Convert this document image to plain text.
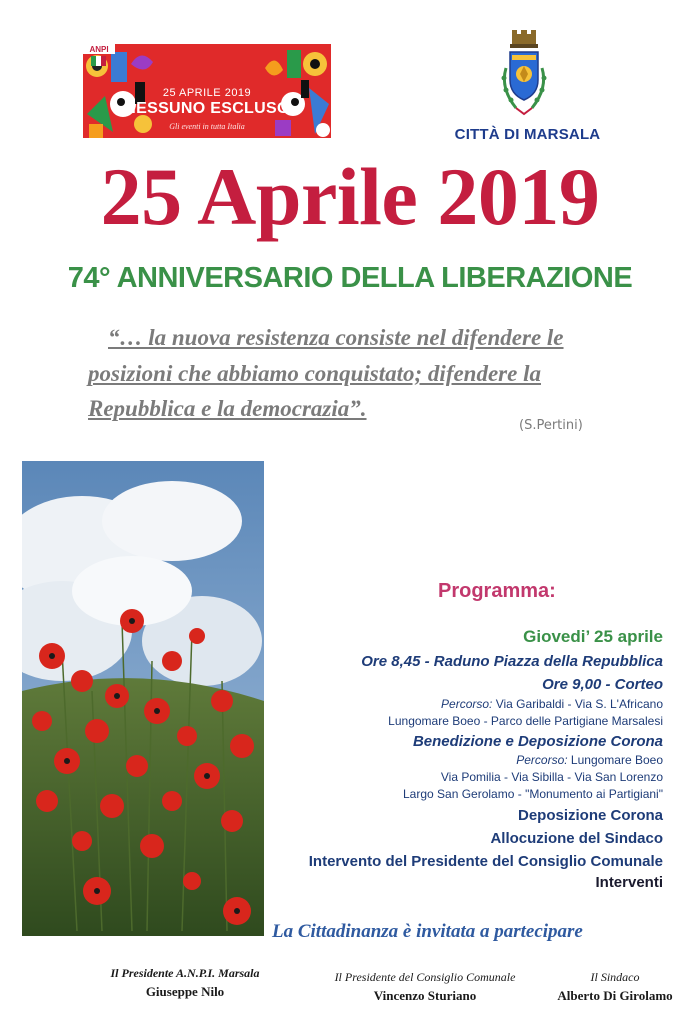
ANPI
25 APRILE 2019
NESSUNO ESCLUSO
Gli eventi in tutta Italia	CITTÀ DI MARSALA
25 Aprile 2019
74° ANNIVERSARIO DELLA LIBERAZIONE
“… la nuova resistenza consiste nel difendere le
posizioni che abbiamo conquistato; difendere la
Repubblica e la democrazia”.
(S.Pertini)
Programma:
Giovedi’ 25 aprile
Ore 8,45 - Raduno Piazza della Repubblica
Ore 9,00 - Corteo
Percorso: Via Garibaldi - Via S. L'Africano
Lungomare Boeo - Parco delle Partigiane Marsalesi
Benedizione e Deposizione Corona
Percorso: Lungomare Boeo
Via Pomilia - Via Sibilla - Via San Lorenzo
Largo San Gerolamo - "Monumento ai Partigiani"
Deposizione Corona
Allocuzione del Sindaco
Intervento del Presidente del Consiglio Comunale
Interventi
La Cittadinanza è invitata a partecipare
Il Presidente A.N.P.I. Marsala
Giuseppe Nilo
Il Presidente del Consiglio Comunale
Vincenzo Sturiano
Il Sindaco
Alberto Di Girolamo
